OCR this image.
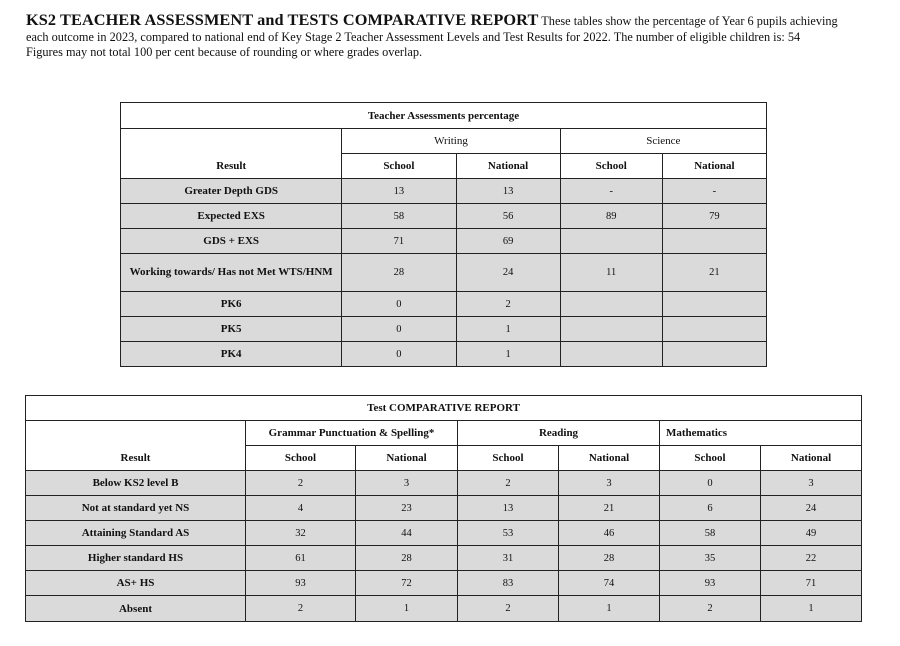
KS2 TEACHER ASSESSMENT and TESTS COMPARATIVE REPORT These tables show the percentage of Year 6 pupils achieving
each outcome in 2023, compared to national end of Key Stage 2 Teacher Assessment Levels and Test Results for 2022. The number of eligible children is: 54
Figures may not total 100 per cent because of rounding or where grades overlap.
Teacher Assessments percentage				
	Writing		Science	
Result	School	National	School	National
Greater Depth GDS	13	13	-	-
Expected EXS	58	56	89	79
GDS + EXS	71	69		
Working towards/ Has not Met WTS/HNM	28	24	11	21
PK6	0	2		
PK5	0	1		
PK4	0	1		
Test COMPARATIVE REPORT						
	Grammar Punctuation & Spelling*		Reading		Mathematics	
Result	School	National	School	National	School	National
Below KS2 level B	2	3	2	3	0	3
Not at standard yet NS	4	23	13	21	6	24
Attaining Standard AS	32	44	53	46	58	49
Higher standard HS	61	28	31	28	35	22
AS+ HS	93	72	83	74	93	71
Absent	2	1	2	1	2	1
